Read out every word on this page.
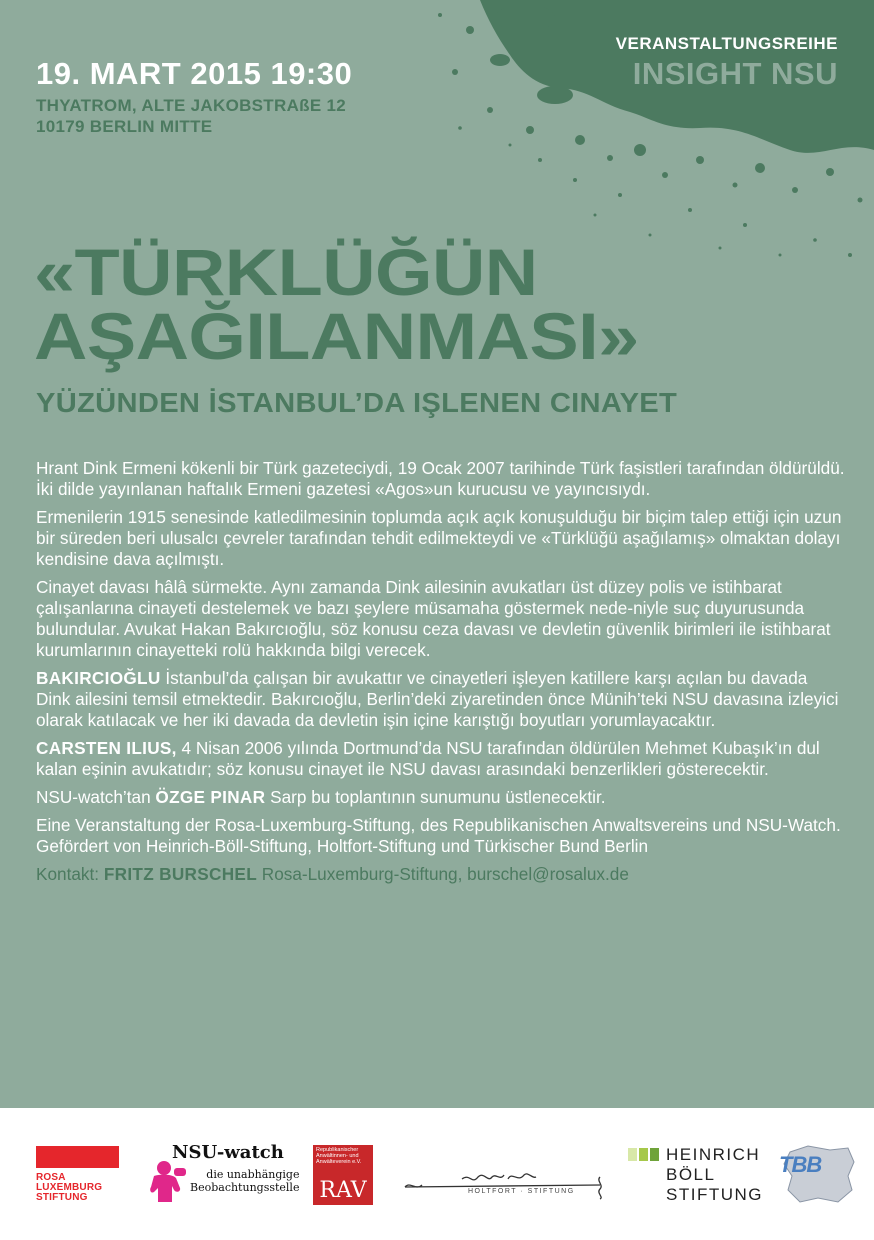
VERANSTALTUNGSREIHE
INSIGHT NSU
19. MART 2015 19:30
THYATROM, ALTE JAKOBSTRAßE 12
10179 BERLIN MITTE
«TÜRKLÜĞÜN
AŞAĞILANMASI»
YÜZÜNDEN İSTANBUL’DA IŞLENEN CINAYET

Hrant Dink Ermeni kökenli bir Türk gazeteciydi, 19 Ocak 2007 tarihinde Türk faşistleri tarafından öldürüldü. İki dilde yayınlanan haftalık Ermeni gazetesi «Agos»un kurucusu ve yayıncısıydı.

Ermenilerin 1915 senesinde katledilmesinin toplumda açık açık konuşulduğu bir biçim talep ettiği için uzun bir süreden beri ulusalcı çevreler tarafından tehdit edilmekteydi ve «Türklüğü aşağılamış» olmaktan dolayı kendisine dava açılmıştı.

Cinayet davası hâlâ sürmekte. Aynı zamanda Dink ailesinin avukatları üst düzey polis ve istihbarat çalışanlarına cinayeti destelemek ve bazı şeylere müsamaha göstermek nede-niyle suç duyurusunda bulundular. Avukat Hakan Bakırcıoğlu, söz konusu ceza davası ve devletin güvenlik birimleri ile istihbarat kurumlarının cinayetteki rolü hakkında bilgi verecek.

BAKIRCIOĞLU İstanbul’da çalışan bir avukattır ve cinayetleri işleyen katillere karşı açılan bu davada Dink ailesini temsil etmektedir. Bakırcıoğlu, Berlin’deki ziyaretinden önce Münih’teki NSU davasına izleyici olarak katılacak ve her iki davada da devletin işin içine karıştığı boyutları yorumlayacaktır.

CARSTEN ILIUS, 4 Nisan 2006 yılında Dortmund’da NSU tarafından öldürülen Mehmet Kubaşık’ın dul kalan eşinin avukatıdır; söz konusu cinayet ile NSU davası arasındaki benzerlikleri gösterecektir.

NSU-watch’tan ÖZGE PINAR Sarp bu toplantının sunumunu üstlenecektir.

Eine Veranstaltung der Rosa-Luxemburg-Stiftung, des Republikanischen Anwaltsvereins und NSU-Watch. Gefördert von Heinrich-Böll-Stiftung, Holtfort-Stiftung und Türkischer Bund Berlin

Kontakt: FRITZ BURSCHEL Rosa-Luxemburg-Stiftung, burschel@rosalux.de

ROSA
LUXEMBURG
STIFTUNG
NSU-watch
die unabhängige
Beobachtungsstelle
Republikanischer Anwältinnen- und Anwälteverein e.V.
RAV	HOLTFORT · STIFTUNG
HEINRICH
BÖLL
STIFTUNG
TBB
